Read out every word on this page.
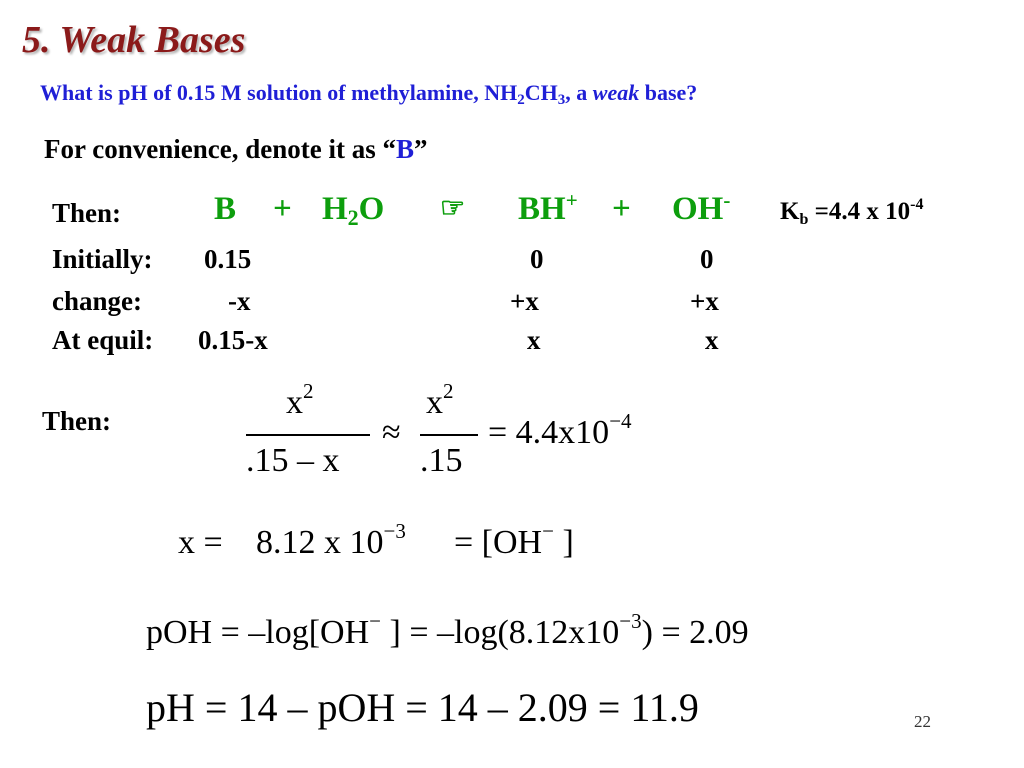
5. Weak Bases
What is pH of 0.15 M solution of methylamine, $NH_2CH_3$, a weak base?
For convenience, denote it as “B”
Then:	$B + H_2O$ ☞ BH+ + OH- $K_b =4.4$ x $10^{-4}$
Initially: 0.15	0	0
change:	-x	+x	+x
At equil: 0.15-x	x	x
Then:	$x^2$
.15 – x
≈
$x^2$
.15
= $4.4x10^{-4}$
x = 8.12 x $10^{-3} = [OH^-$ ]
pOH = –log[OH− ] = $-\log(8.12x10^{-3}) = 2.09$
pH = 14 – pOH = 14 – 2.09 = 11.9	22
